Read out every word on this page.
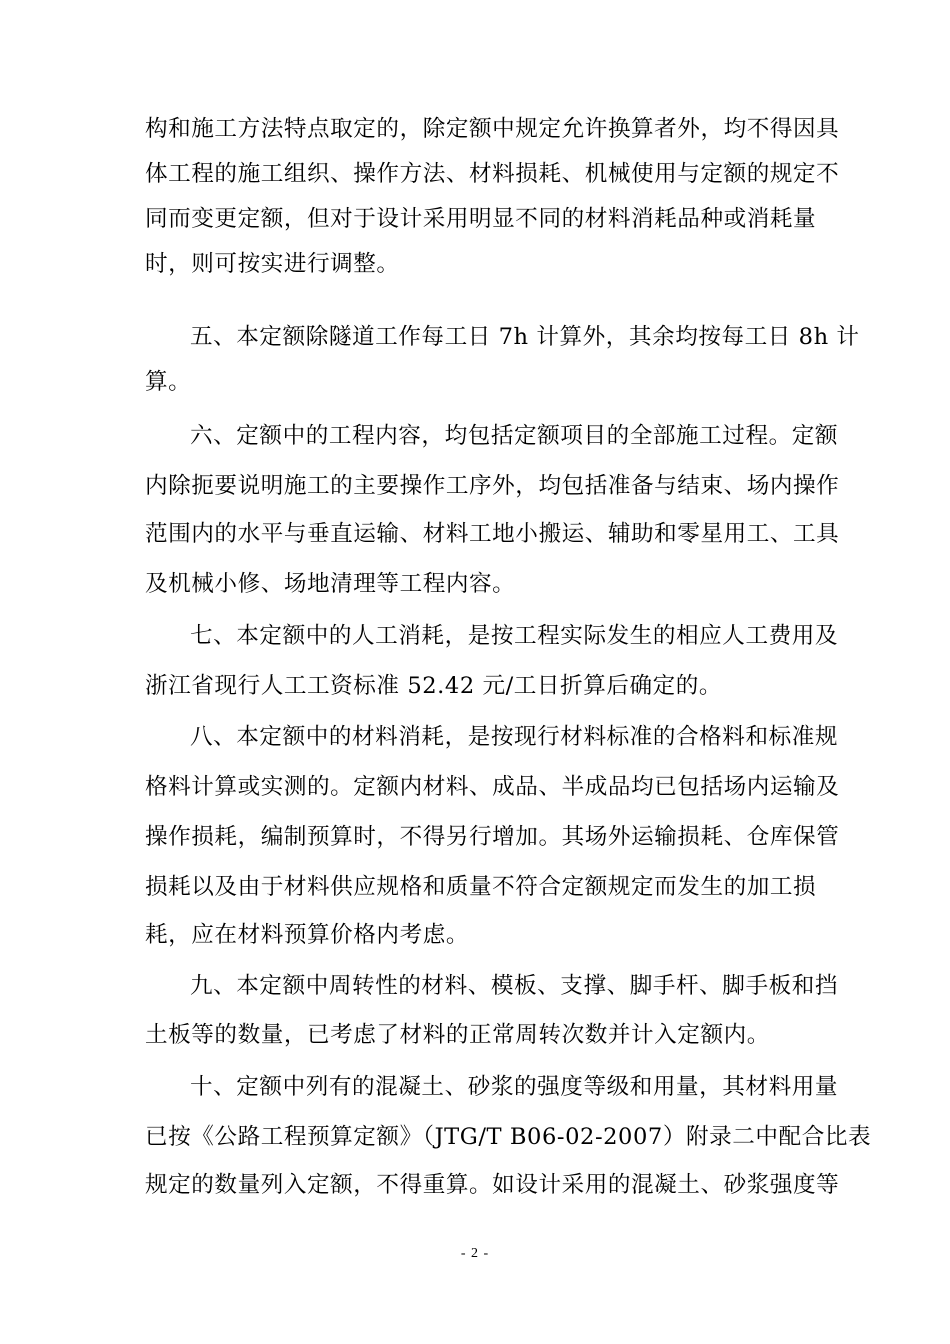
构和施工方法特点取定的，除定额中规定允许换算者外，均不得因具
体工程的施工组织、操作方法、材料损耗、机械使用与定额的规定不
同而变更定额，但对于设计采用明显不同的材料消耗品种或消耗量
时，则可按实进行调整。
五、本定额除隧道工作每工日 7h 计算外，其余均按每工日 8h 计
算。
六、定额中的工程内容，均包括定额项目的全部施工过程。定额
内除扼要说明施工的主要操作工序外，均包括准备与结束、场内操作
范围内的水平与垂直运输、材料工地小搬运、辅助和零星用工、工具
及机械小修、场地清理等工程内容。
七、本定额中的人工消耗，是按工程实际发生的相应人工费用及
浙江省现行人工工资标准 52.42 元/工日折算后确定的。
八、本定额中的材料消耗，是按现行材料标准的合格料和标准规
格料计算或实测的。定额内材料、成品、半成品均已包括场内运输及
操作损耗，编制预算时，不得另行增加。其场外运输损耗、仓库保管
损耗以及由于材料供应规格和质量不符合定额规定而发生的加工损
耗，应在材料预算价格内考虑。
九、本定额中周转性的材料、模板、支撑、脚手杆、脚手板和挡
土板等的数量，已考虑了材料的正常周转次数并计入定额内。
十、定额中列有的混凝土、砂浆的强度等级和用量，其材料用量
已按《公路工程预算定额》（JTG/T B06-02-2007）附录二中配合比表
规定的数量列入定额，不得重算。如设计采用的混凝土、砂浆强度等
- 2 -
